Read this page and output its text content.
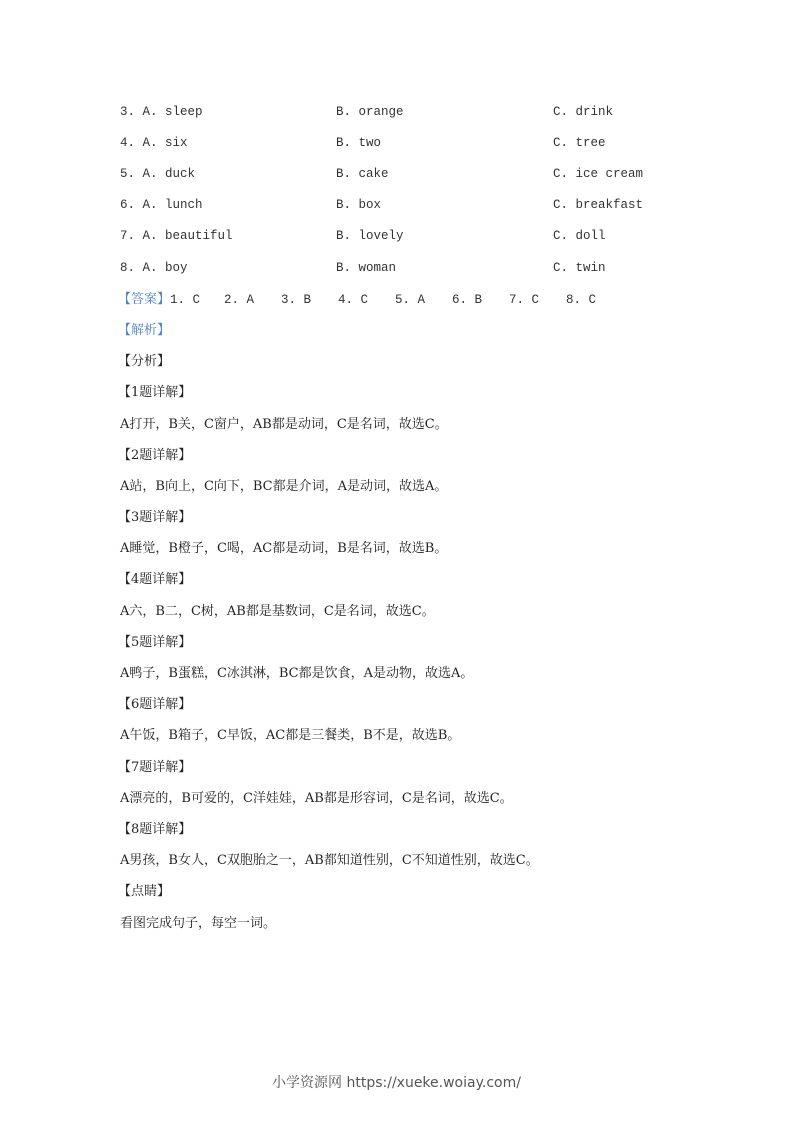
3. A. sleep	B. orange	C. drink
4. A. six	B. two	C. tree
5. A. duck	B. cake	C. ice cream
6. A. lunch	B. box	C. breakfast
7. A. beautiful	B. lovely	C. doll
8. A. boy	B. woman	C. twin
【答案】1. C 2. A 3. B 4. C 5. A 6. B 7. C 8. C
【解析】
【分析】
【1题详解】
A打开，B关，C窗户，AB都是动词，C是名词，故选C。
【2题详解】
A站，B向上，C向下，BC都是介词，A是动词，故选A。
【3题详解】
A睡觉，B橙子，C喝，AC都是动词，B是名词，故选B。
【4题详解】
A六，B二，C树，AB都是基数词，C是名词，故选C。
【5题详解】
A鸭子，B蛋糕，C冰淇淋，BC都是饮食，A是动物，故选A。
【6题详解】
A午饭，B箱子，C早饭，AC都是三餐类，B不是，故选B。
【7题详解】
A漂亮的，B可爱的，C洋娃娃，AB都是形容词，C是名词，故选C。
【8题详解】
A男孩，B女人，C双胞胎之一，AB都知道性别，C不知道性别，故选C。
【点睛】
看图完成句子，每空一词。
小学资源网 https://xueke.woiay.com/
